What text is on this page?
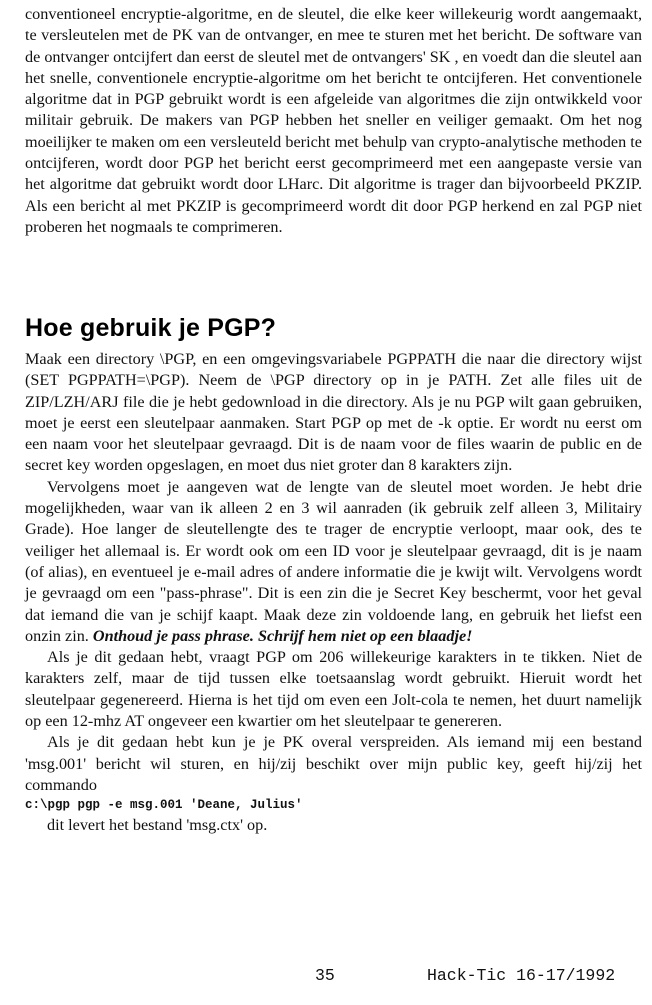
conventioneel encryptie-algoritme, en de sleutel, die elke keer willekeurig wordt aangemaakt, te versleutelen met de PK van de ontvanger, en mee te sturen met het bericht. De software van de ontvanger ontcijfert dan eerst de sleutel met de ontvangers' SK , en voedt dan die sleutel aan het snelle, conventionele encryptie-algoritme om het bericht te ontcijferen. Het conventionele algoritme dat in PGP gebruikt wordt is een afgeleide van algoritmes die zijn ontwikkeld voor militair gebruik. De makers van PGP hebben het sneller en veiliger gemaakt. Om het nog moeilijker te maken om een versleuteld bericht met behulp van crypto-analytische methoden te ontcijferen, wordt door PGP het bericht eerst gecomprimeerd met een aangepaste versie van het algoritme dat gebruikt wordt door LHarc. Dit algoritme is trager dan bijvoorbeeld PKZIP. Als een bericht al met PKZIP is gecomprimeerd wordt dit door PGP herkend en zal PGP niet proberen het nogmaals te comprimeren.

Hoe gebruik je PGP?

Maak een directory \PGP, en een omgevingsvariabele PGPPATH die naar die directory wijst (SET PGPPATH=\PGP). Neem de \PGP directory op in je PATH. Zet alle files uit de ZIP/LZH/ARJ file die je hebt gedownload in die directory. Als je nu PGP wilt gaan gebruiken, moet je eerst een sleutelpaar aanmaken. Start PGP op met de -k optie. Er wordt nu eerst om een naam voor het sleutelpaar gevraagd. Dit is de naam voor de files waarin de public en de secret key worden opgeslagen, en moet dus niet groter dan 8 karakters zijn.

Vervolgens moet je aangeven wat de lengte van de sleutel moet worden. Je hebt drie mogelijkheden, waar van ik alleen 2 en 3 wil aanraden (ik gebruik zelf alleen 3, Militairy Grade). Hoe langer de sleutellengte des te trager de encryptie verloopt, maar ook, des te veiliger het allemaal is. Er wordt ook om een ID voor je sleutelpaar gevraagd, dit is je naam (of alias), en eventueel je e-mail adres of andere informatie die je kwijt wilt. Vervolgens wordt je gevraagd om een "pass-phrase". Dit is een zin die je Secret Key beschermt, voor het geval dat iemand die van je schijf kaapt. Maak deze zin voldoende lang, en gebruik het liefst een onzin zin. Onthoud je pass phrase. Schrijf hem niet op een blaadje!

Als je dit gedaan hebt, vraagt PGP om 206 willekeurige karakters in te tikken. Niet de karakters zelf, maar de tijd tussen elke toetsaanslag wordt gebruikt. Hieruit wordt het sleutelpaar gegenereerd. Hierna is het tijd om even een Jolt-cola te nemen, het duurt namelijk op een 12-mhz AT ongeveer een kwartier om het sleutelpaar te genereren.

Als je dit gedaan hebt kun je je PK overal verspreiden. Als iemand mij een bestand 'msg.001' bericht wil sturen, en hij/zij beschikt over mijn public key, geeft hij/zij het commando

c:\pgp pgp -e msg.001 'Deane, Julius'

dit levert het bestand 'msg.ctx' op.

35	Hack-Tic 16-17/1992
